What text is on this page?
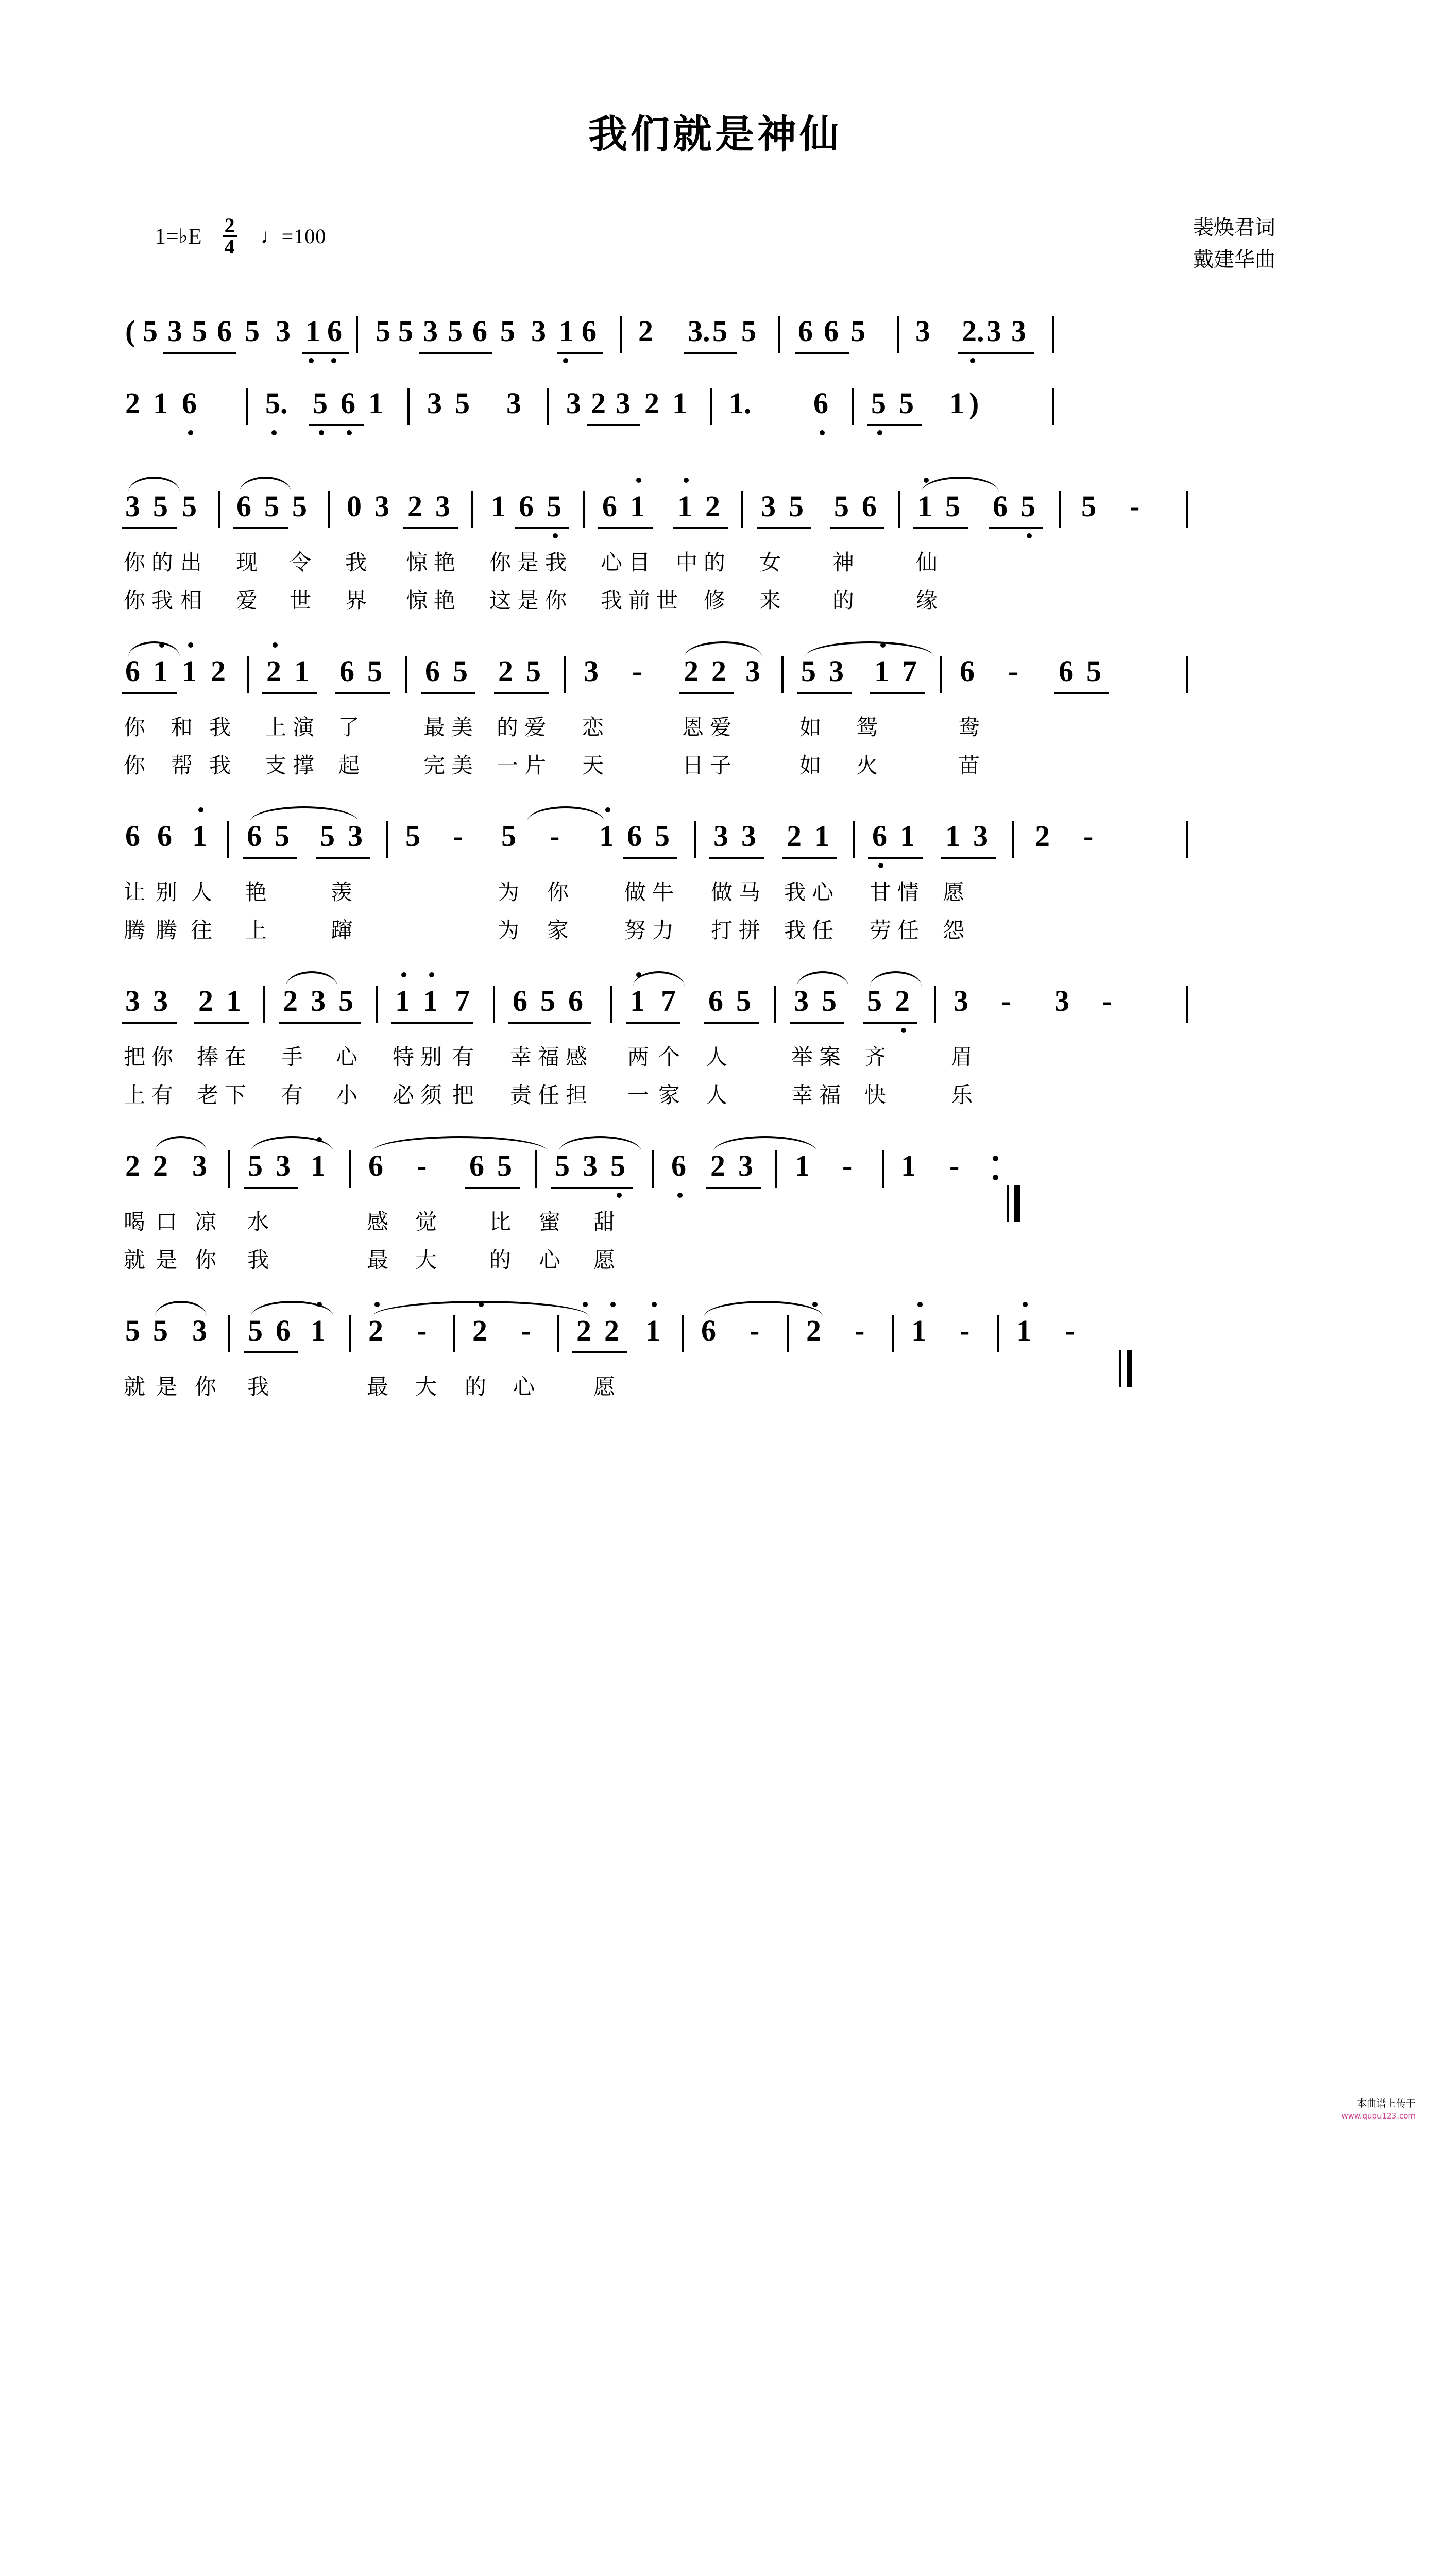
我们就是神仙
1= ♭ E $\frac{2}{4}$ ♩=100	裴焕君词
戴建华曲

(

5

3

5

6

5

3

1

6

5

5

3

5

6

5

3

1

6

2

3.

5

5

6

6

5

3

2.

3

3

2

1

6

5.

5

6

1

3

5

3

3

2

3

2

1

1.

6

5

5

1

)

3

5

5

6

5

5

0

3

2

3

1

6

5

6

1

1

2

3

5

5

6

1

5

6

5

5

-

你

的

出

现

令

我

惊

艳

你

是

我

心

目

中

的

女

神

	仙

你

我

相

爱

世

界

惊

艳

这

是

你

我

前

世

修

来

的

	缘

6

1

1

2

2

1

6

5

6

5

2

5

3

-

2

2

3

5

3

1

7

6

-

6

5

你

和

我

上

演

了

	最

美

的

爱

恋

	恩

爱

	如

鸳

	鸯

你

帮

我

支

撑

起

	完

美

一

片

天

	日

子

	如

火

	苗

6

6

1

6

5

5

3

5

-

5

-

1

6

5

3

3

2

1

6

1

1

3

2

-

让

别

人

艳

	羡

	为

你

	做

牛

做

马

我

心

甘

情

愿

腾

腾

往

上

	蹿

	为

家

	努

力

打

拼

我

任

劳

任

怨

3

3

2

1

2

3

5

1

1

7

6

5

6

1

7

6

5

3

5

5

2

3

-

3

-

把

你

捧

在

手

心

特

别

有

幸

福

感

两

个

人

	举

案

齐

	眉

上

有

老

下

有

小

必

须

把

责

任

担

一

家

人

	幸

福

快

	乐

2

2

3

5

3

1

6

-

6

5

5

3

5

6

2

3

1

-

1

-

喝

口

凉

水

	感

觉

比

蜜

甜

就

是

你

我

	最

大

的

心

愿

5

5

3

5

6

1

2

-

2

-

2

2

1

6

-

2

-

1

-

1

-

就

是

你

我

	最

大

的

心

	愿

本曲谱上传于
www.qupu123.com
